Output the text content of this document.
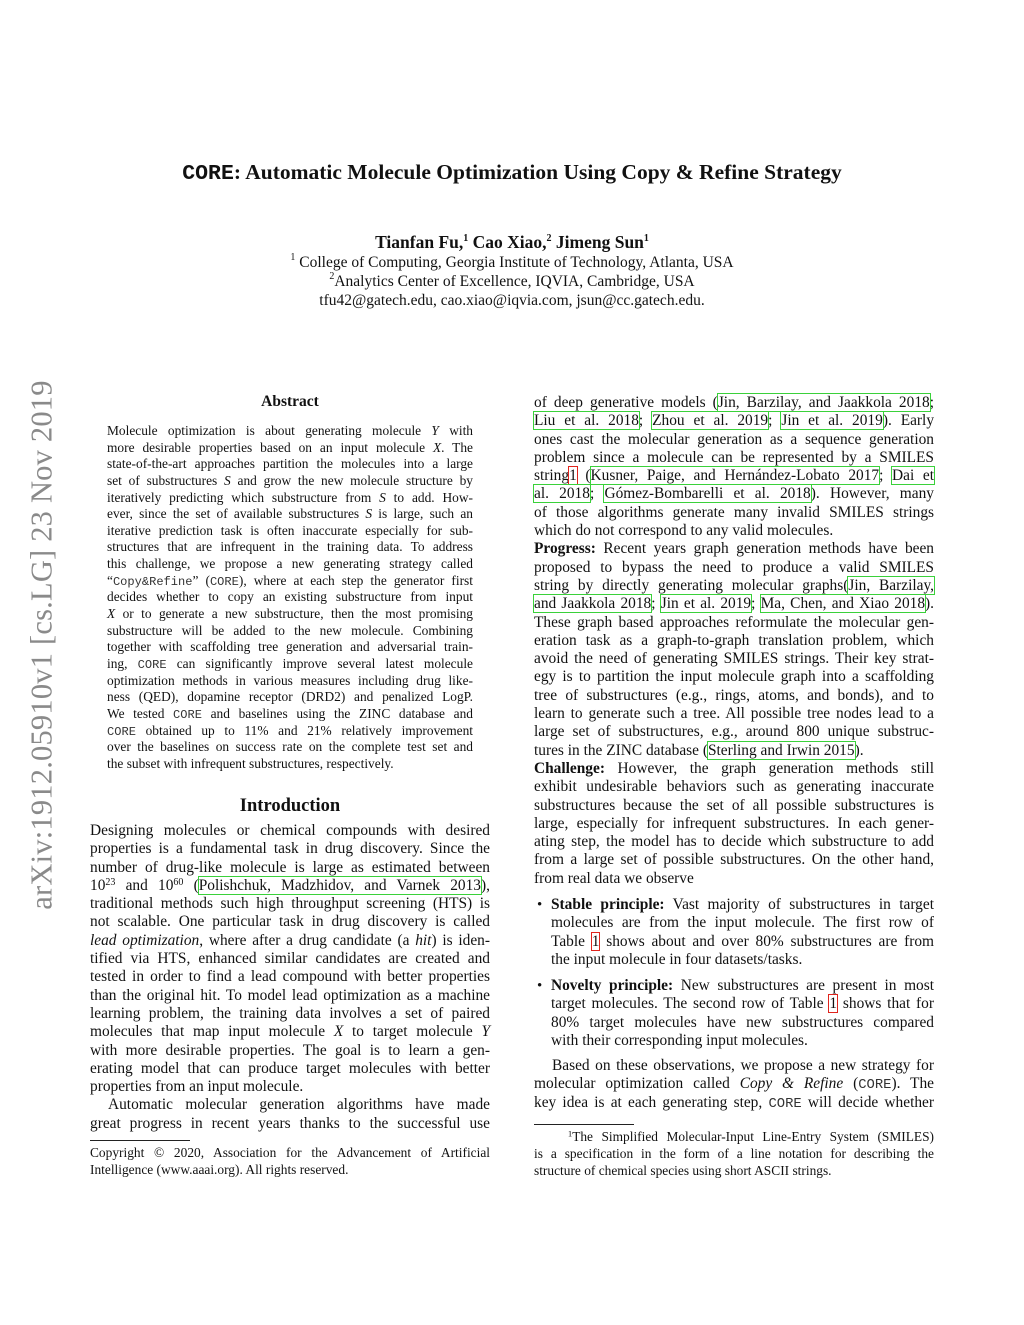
arXiv:1912.05910v1 [cs.LG] 23 Nov 2019
CORE: Automatic Molecule Optimization Using Copy & Refine Strategy
Tianfan Fu,$^1$ Cao Xiao,$^2$ Jimeng Sun$^1$
$^1$ College of Computing, Georgia Institute of Technology, Atlanta, USA
$^2$Analytics Center of Excellence, IQVIA, Cambridge, USA
tfu42@gatech.edu, cao.xiao@iqvia.com, jsun@cc.gatech.edu.
Abstract
Molecule optimization is about generating molecule Y with
more desirable properties based on an input molecule X. The
state-of-the-art approaches partition the molecules into a large
set of substructures S and grow the new molecule structure by
iteratively predicting which substructure from S to add. How-
ever, since the set of available substructures S is large, such an
iterative prediction task is often inaccurate especially for sub-
structures that are infrequent in the training data. To address
this challenge, we propose a new generating strategy called
“Copy&Refine” (CORE), where at each step the generator first
decides whether to copy an existing substructure from input
X or to generate a new substructure, then the most promising
substructure will be added to the new molecule. Combining
together with scaffolding tree generation and adversarial train-
ing, CORE can significantly improve several latest molecule
optimization methods in various measures including drug like-
ness (QED), dopamine receptor (DRD2) and penalized LogP.
We tested CORE and baselines using the ZINC database and
CORE obtained up to 11% and 21% relatively improvement
over the baselines on success rate on the complete test set and
the subset with infrequent substructures, respectively.
Introduction
Designing molecules or chemical compounds with desired
properties is a fundamental task in drug discovery. Since the
number of drug-like molecule is large as estimated between
$10^{23}$ and $10^{60}$ (Polishchuk, Madzhidov, and Varnek 2013),
traditional methods such high throughput screening (HTS) is
not scalable. One particular task in drug discovery is called
lead optimization, where after a drug candidate (a hit) is iden-
tified via HTS, enhanced similar candidates are created and
tested in order to find a lead compound with better properties
than the original hit. To model lead optimization as a machine
learning problem, the training data involves a set of paired
molecules that map input molecule X to target molecule Y
with more desirable properties. The goal is to learn a gen-
erating model that can produce target molecules with better
properties from an input molecule.
Automatic molecular generation algorithms have made
great progress in recent years thanks to the successful use
Copyright © 2020, Association for the Advancement of Artificial
Intelligence (www.aaai.org). All rights reserved.
of deep generative models (Jin, Barzilay, and Jaakkola 2018;
Liu et al. 2018; Zhou et al. 2019; Jin et al. 2019). Early
ones cast the molecular generation as a sequence generation
problem since a molecule can be represented by a SMILES
string1 (Kusner, Paige, and Hernández-Lobato 2017; Dai et
al. 2018; Gómez-Bombarelli et al. 2018). However, many
of those algorithms generate many invalid SMILES strings
which do not correspond to any valid molecules.
Progress: Recent years graph generation methods have been
proposed to bypass the need to produce a valid SMILES
string by directly generating molecular graphs(Jin, Barzilay,
and Jaakkola 2018; Jin et al. 2019; Ma, Chen, and Xiao 2018).
These graph based approaches reformulate the molecular gen-
eration task as a graph-to-graph translation problem, which
avoid the need of generating SMILES strings. Their key strat-
egy is to partition the input molecule graph into a scaffolding
tree of substructures (e.g., rings, atoms, and bonds), and to
learn to generate such a tree. All possible tree nodes lead to a
large set of substructures, e.g., around 800 unique substruc-
tures in the ZINC database (Sterling and Irwin 2015).
Challenge: However, the graph generation methods still
exhibit undesirable behaviors such as generating inaccurate
substructures because the set of all possible substructures is
large, especially for infrequent substructures. In each gener-
ating step, the model has to decide which substructure to add
from a large set of possible substructures. On the other hand,
from real data we observe
• Stable principle: Vast majority of substructures in target
molecules are from the input molecule. The first row of
Table 1 shows about and over 80% substructures are from
the input molecule in four datasets/tasks.
• Novelty principle: New substructures are present in most
target molecules. The second row of Table 1 shows that for
80% target molecules have new substructures compared
with their corresponding input molecules.
Based on these observations, we propose a new strategy for
molecular optimization called Copy & Refine (CORE). The
key idea is at each generating step, CORE will decide whether
$^1$The Simplified Molecular-Input Line-Entry System (SMILES)
is a specification in the form of a line notation for describing the
structure of chemical species using short ASCII strings.
